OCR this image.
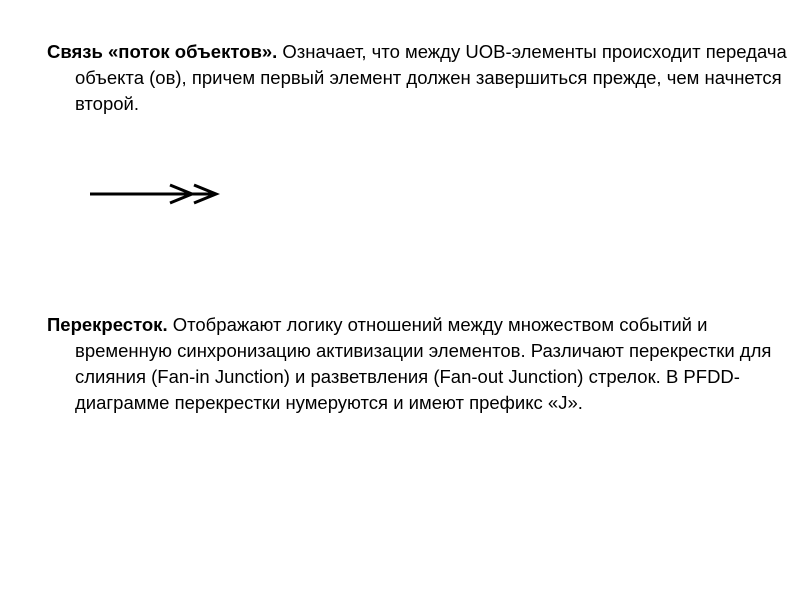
Связь «поток объектов». Означает, что между UOB-элементы происходит передача объекта (ов), причем первый элемент должен завершиться прежде, чем начнется второй.

Перекресток. Отображают логику отношений между множеством событий и временную синхронизацию активизации элементов. Различают перекрестки для слияния (Fan-in Junction) и разветвления (Fan-out Junction) стрелок. В PFDD-диаграмме перекрестки нумеруются и имеют префикс «J».
